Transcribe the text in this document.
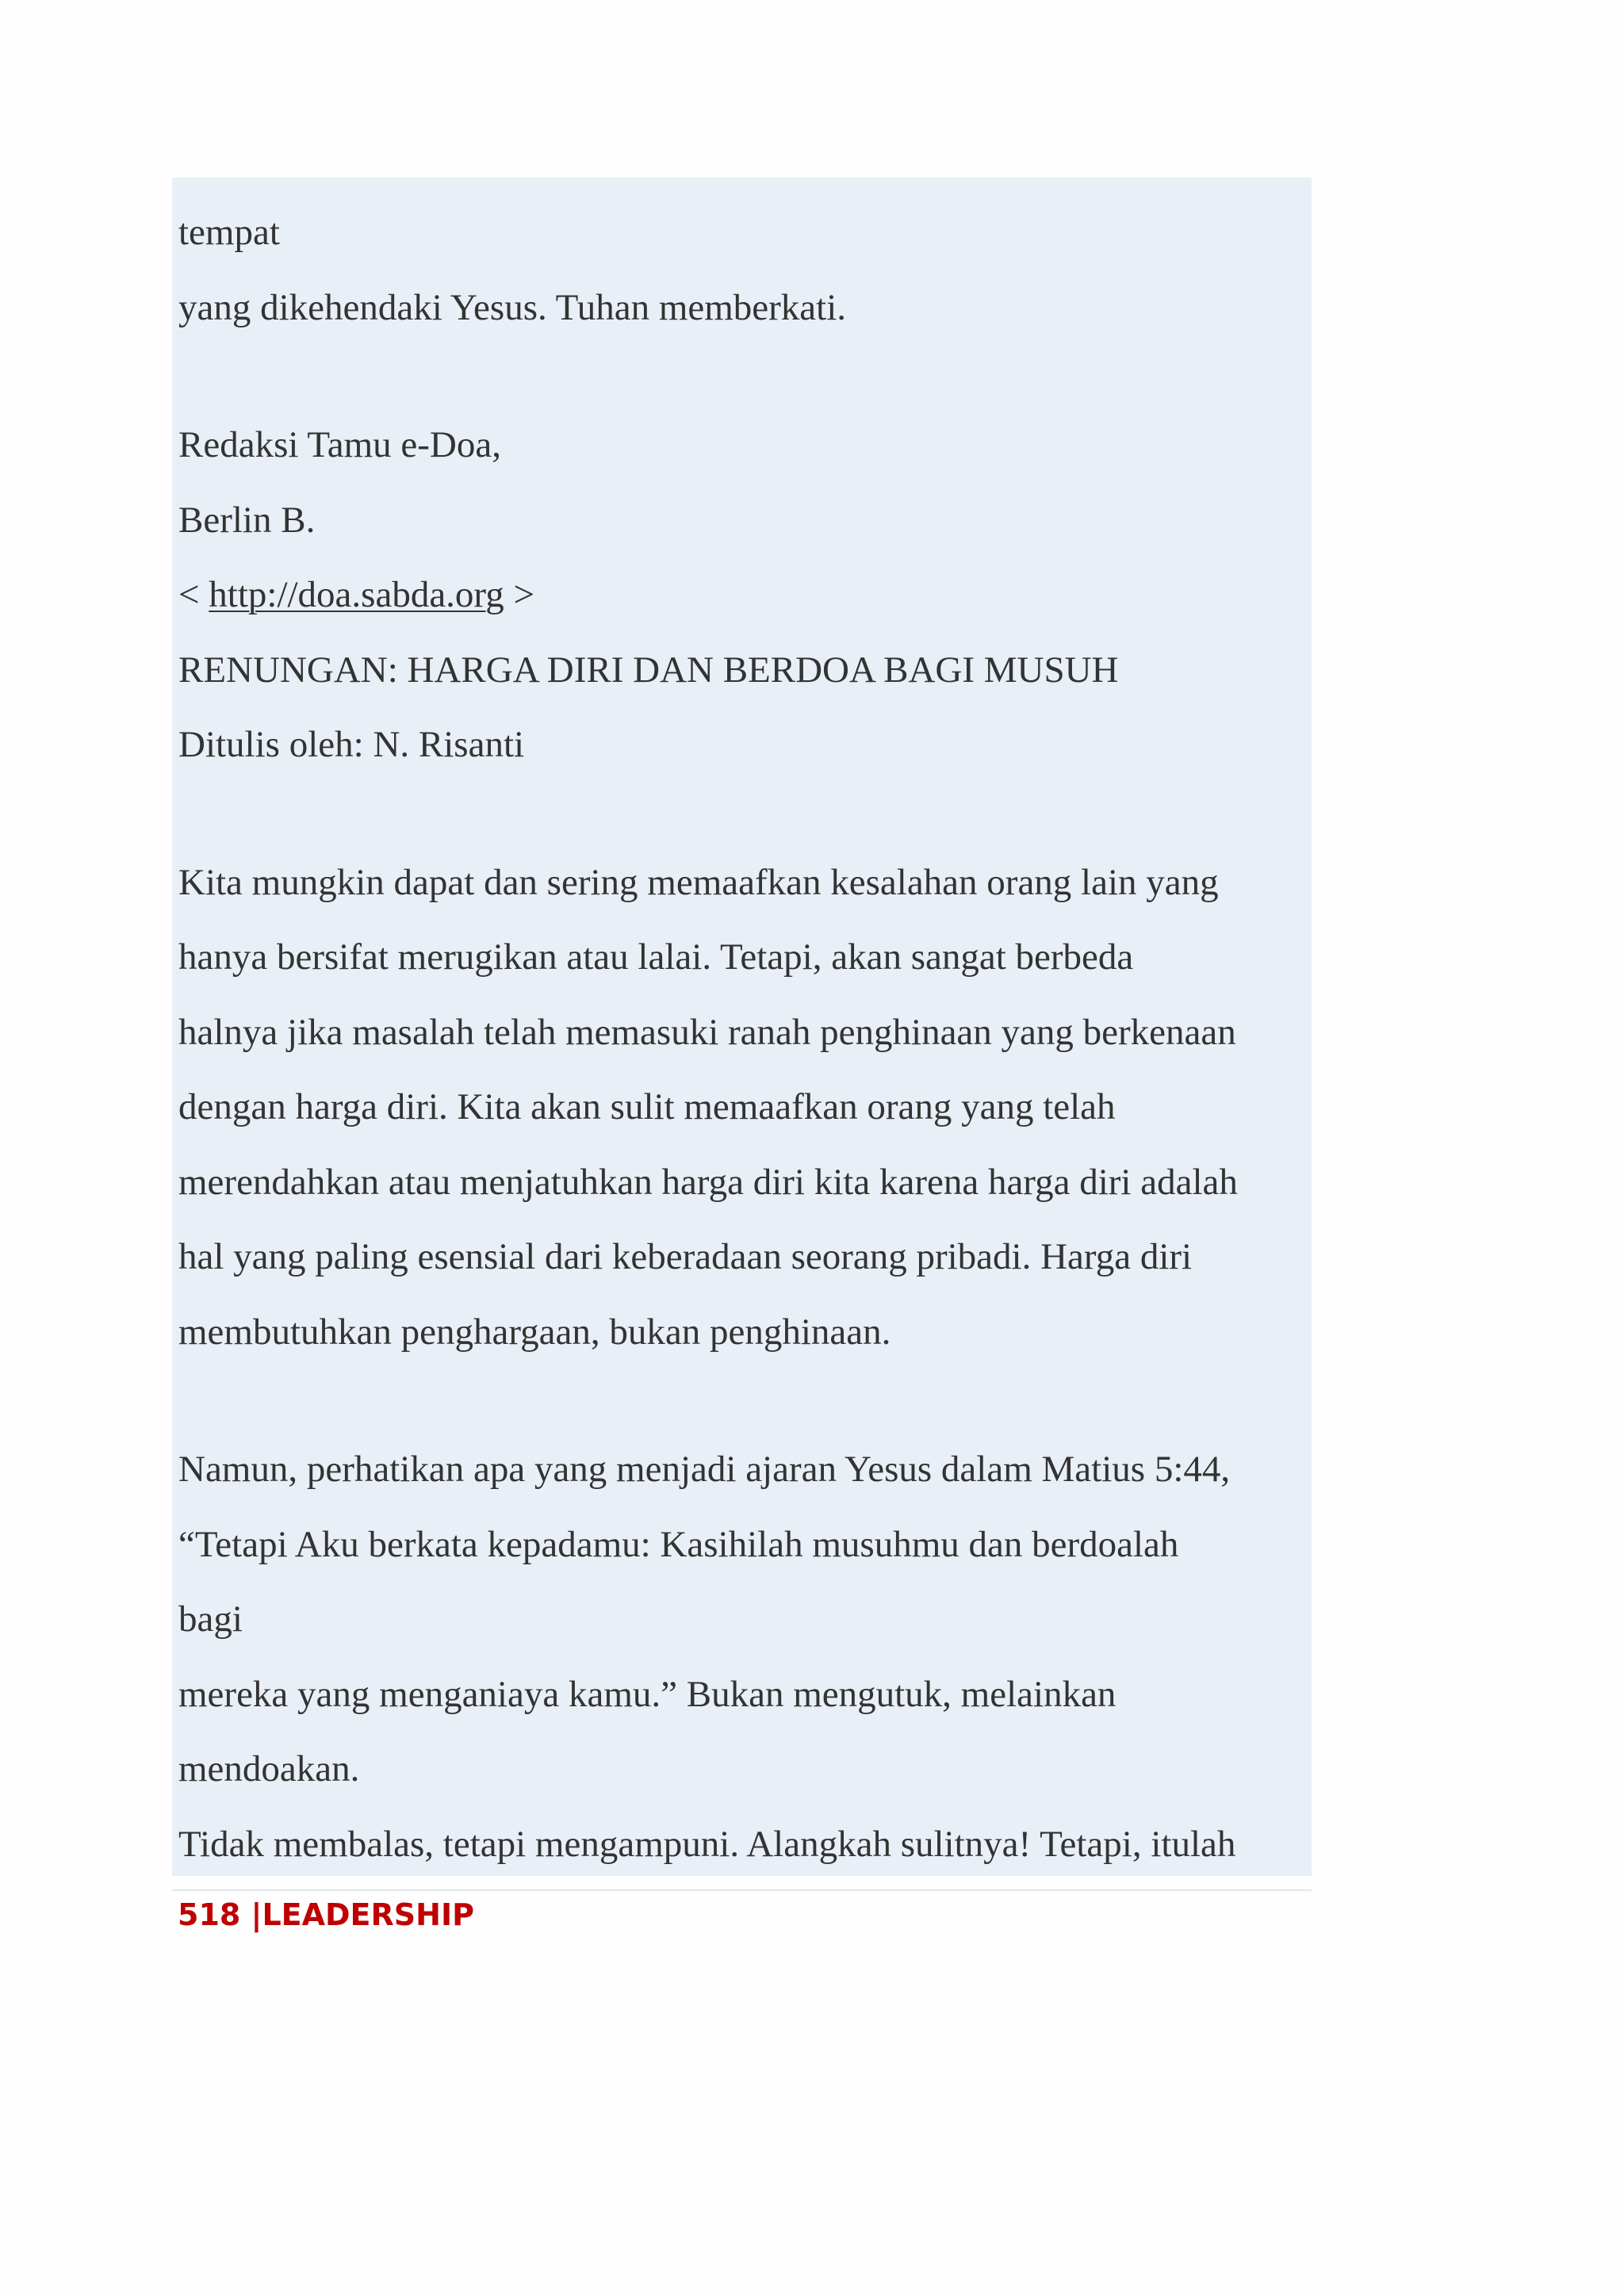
tempat
yang dikehendaki Yesus. Tuhan memberkati.
Redaksi Tamu e-Doa,
Berlin B.
< http://doa.sabda.org >
RENUNGAN: HARGA DIRI DAN BERDOA BAGI MUSUH
Ditulis oleh: N. Risanti
Kita mungkin dapat dan sering memaafkan kesalahan orang lain yang
hanya bersifat merugikan atau lalai. Tetapi, akan sangat berbeda
halnya jika masalah telah memasuki ranah penghinaan yang berkenaan
dengan harga diri. Kita akan sulit memaafkan orang yang telah
merendahkan atau menjatuhkan harga diri kita karena harga diri adalah
hal yang paling esensial dari keberadaan seorang pribadi. Harga diri
membutuhkan penghargaan, bukan penghinaan.
Namun, perhatikan apa yang menjadi ajaran Yesus dalam Matius 5:44,
“Tetapi Aku berkata kepadamu: Kasihilah musuhmu dan berdoalah
bagi
mereka yang menganiaya kamu.” Bukan mengutuk, melainkan
mendoakan.
Tidak membalas, tetapi mengampuni. Alangkah sulitnya! Tetapi, itulah
518 |LEADERSHIP
